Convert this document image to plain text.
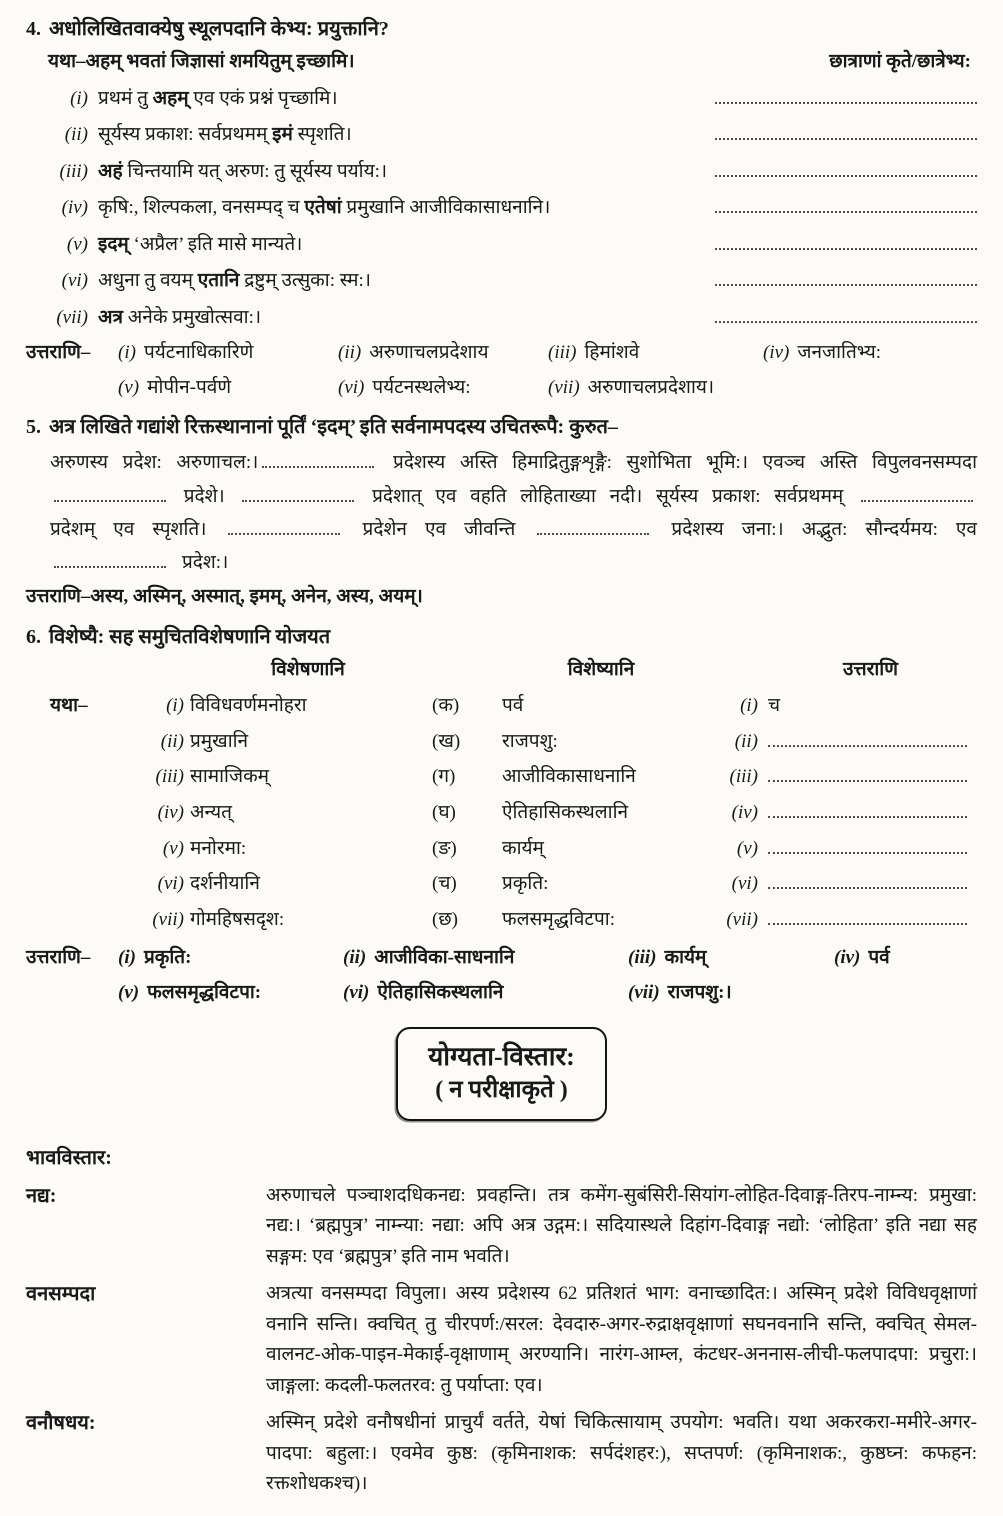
4. अधोलिखितवाक्येषु स्थूलपदानि केभ्य: प्रयुक्तानि?
यथा–अहम् भवतां जिज्ञासां शमयितुम् इच्छामि।	छात्राणां कृते/छात्रेभ्य:
(i) प्रथमं तु अहम् एव एकं प्रश्नं पृच्छामि।
(ii) सूर्यस्य प्रकाश: सर्वप्रथमम् इमं स्पृशति।
(iii) अहं चिन्तयामि यत् अरुण: तु सूर्यस्य पर्याय:।
(iv) कृषि:, शिल्पकला, वनसम्पद् च एतेषां प्रमुखानि आजीविकासाधनानि।
(v) इदम् ‘अप्रैल’ इति मासे मान्यते।
(vi) अधुना तु वयम् एतानि द्रष्टुम् उत्सुका: स्म:।
(vii) अत्र अनेके प्रमुखोत्सवा:।
उत्तराणि–	(i) पर्यटनाधिकारिणे	(ii) अरुणाचलप्रदेशाय	(iii) हिमांशवे	(iv) जनजातिभ्य:
(v) मोपीन-पर्वणे	(vi) पर्यटनस्थलेभ्य:	(vii) अरुणाचलप्रदेशाय।
5. अत्र लिखिते गद्यांशे रिक्तस्थानानां पूर्तिं ‘इदम्’ इति सर्वनामपदस्य उचितरूपै: कुरुत–

अरुणस्य प्रदेश: अरुणाचल:।	प्रदेशस्य अस्ति हिमाद्रितुङ्गशृङ्गै: सुशोभिता भूमि:। एवञ्च अस्ति विपुलवनसम्पदा  प्रदेशे।	प्रदेशात् एव वहति लोहिताख्या नदी। सूर्यस्य प्रकाश: सर्वप्रथमम्  प्रदेशम् एव स्पृशति।	प्रदेशेन एव जीवन्ति	प्रदेशस्य जना:। अद्भुत: सौन्दर्यमय: एव  प्रदेश:।

उत्तराणि–अस्य, अस्मिन्, अस्मात्, इमम्, अनेन, अस्य, अयम्।
6. विशेष्यै: सह समुचितविशेषणानि योजयत
विशेषणानि	विशेष्यानि	उत्तराणि
यथा–	(i) विविधवर्णमनोहरा	(क)	पर्व	(i) च
(ii) प्रमुखानि	(ख)	राजपशु:	(ii)
(iii) सामाजिकम्	(ग)	आजीविकासाधनानि	(iii)
(iv) अन्यत्	(घ)	ऐतिहासिकस्थलानि	(iv)
(v) मनोरमा:	(ङ)	कार्यम्	(v)
(vi) दर्शनीयानि	(च)	प्रकृति:	(vi)
(vii) गोमहिषसदृश:	(छ)	फलसमृद्धविटपा:	(vii)
उत्तराणि–	(i) प्रकृति:	(ii) आजीविका-साधनानि	(iii) कार्यम्	(iv) पर्व
(v) फलसमृद्धविटपा:	(vi) ऐतिहासिकस्थलानि	(vii) राजपशु:।
योग्यता-विस्तार:
( न परीक्षाकृते )
भावविस्तार:
नद्य:	अरुणाचले पञ्चाशदधिकनद्य: प्रवहन्ति। तत्र कमेंग-सुबंसिरी-सियांग-लोहित-दिवाङ्ग-तिरप-नाम्न्य: प्रमुखा: नद्य:। ‘ब्रह्मपुत्र’ नाम्न्या: नद्या: अपि अत्र उद्गम:। सदियास्थले दिहांग-दिवाङ्ग नद्यो: ‘लोहिता’ इति नद्या सह सङ्गम: एव ‘ब्रह्मपुत्र’ इति नाम भवति।
वनसम्पदा	अत्रत्या वनसम्पदा विपुला। अस्य प्रदेशस्य 62 प्रतिशतं भाग: वनाच्छादित:। अस्मिन् प्रदेशे विविधवृक्षाणां वनानि सन्ति। क्वचित् तु चीरपर्ण:/सरल: देवदारु-अगर-रुद्राक्षवृक्षाणां सघनवनानि सन्ति, क्वचित् सेमल-वालनट-ओक-पाइन-मेकाई-वृक्षाणाम् अरण्यानि। नारंग-आम्ल, कंटधर-अननास-लीची-फलपादपा: प्रचुरा:। जाङ्गला: कदली-फलतरव: तु पर्याप्ता: एव।
वनौषधय:	अस्मिन् प्रदेशे वनौषधीनां प्राचुर्यं वर्तते, येषां चिकित्सायाम् उपयोग: भवति। यथा अकरकरा-ममीरे-अगर-पादपा: बहुला:। एवमेव कुष्ठ: (कृमिनाशक: सर्पदंशहर:), सप्तपर्ण: (कृमिनाशक:, कुष्ठघ्न: कफहन: रक्तशोधकश्च)।
